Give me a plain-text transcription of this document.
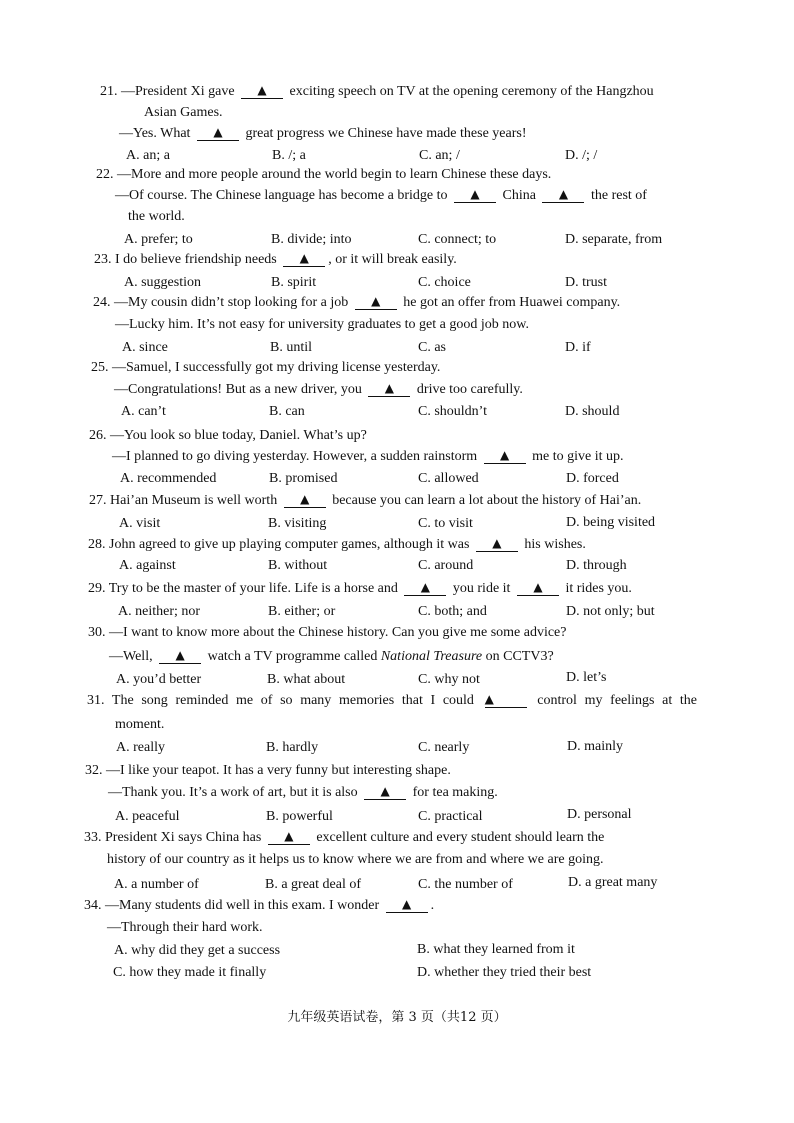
21. —President Xi gave ▲ exciting speech on TV at the opening ceremony of the Hangzhou
Asian Games.
—Yes. What ▲ great progress we Chinese have made these years!
A. an; a	B. /; a	C. an; /	D. /; /
22. —More and more people around the world begin to learn Chinese these days.
—Of course. The Chinese language has become a bridge to ▲ China ▲ the rest of
the world.
A. prefer; to	B. divide; into	C. connect; to	D. separate, from
23. I do believe friendship needs ▲ , or it will break easily.
A. suggestion	B. spirit	C. choice	D. trust
24. —My cousin didn’t stop looking for a job ▲ he got an offer from Huawei company.
—Lucky him. It’s not easy for university graduates to get a good job now.
A. since	B. until	C. as	D. if
25. —Samuel, I successfully got my driving license yesterday.
—Congratulations! But as a new driver, you ▲ drive too carefully.
A. can’t	B. can	C. shouldn’t	D. should
26. —You look so blue today, Daniel. What’s up?
—I planned to go diving yesterday. However, a sudden rainstorm ▲ me to give it up.
A. recommended	B. promised	C. allowed	D. forced
27. Hai’an Museum is well worth ▲ because you can learn a lot about the history of Hai’an.
A. visit	B. visiting	C. to visit	D. being visited
28. John agreed to give up playing computer games, although it was ▲ his wishes.
A. against	B. without	C. around	D. through
29. Try to be the master of your life. Life is a horse and ▲ you ride it ▲ it rides you.
A. neither; nor	B. either; or	C. both; and	D. not only; but
30. —I want to know more about the Chinese history. Can you give me some advice?
—Well, ▲ watch a TV programme called National Treasure on CCTV3?
A. you’d better	B. what about	C. why not	D. let’s
31. The song reminded me of so many memories that I could ▲	control my feelings at the
moment.
A. really	B. hardly	C. nearly	D. mainly
32. —I like your teapot. It has a very funny but interesting shape.
—Thank you. It’s a work of art, but it is also ▲ for tea making.
A. peaceful	B. powerful	C. practical	D. personal
33. President Xi says China has ▲ excellent culture and every student should learn the
history of our country as it helps us to know where we are from and where we are going.
A. a number of	B. a great deal of	C. the number of	D. a great many
34. —Many students did well in this exam. I wonder ▲ .
—Through their hard work.
A. why did they get a success	B. what they learned from it
C. how they made it finally	D. whether they tried their best
九年级英语试卷，第 3 页（共12 页）
